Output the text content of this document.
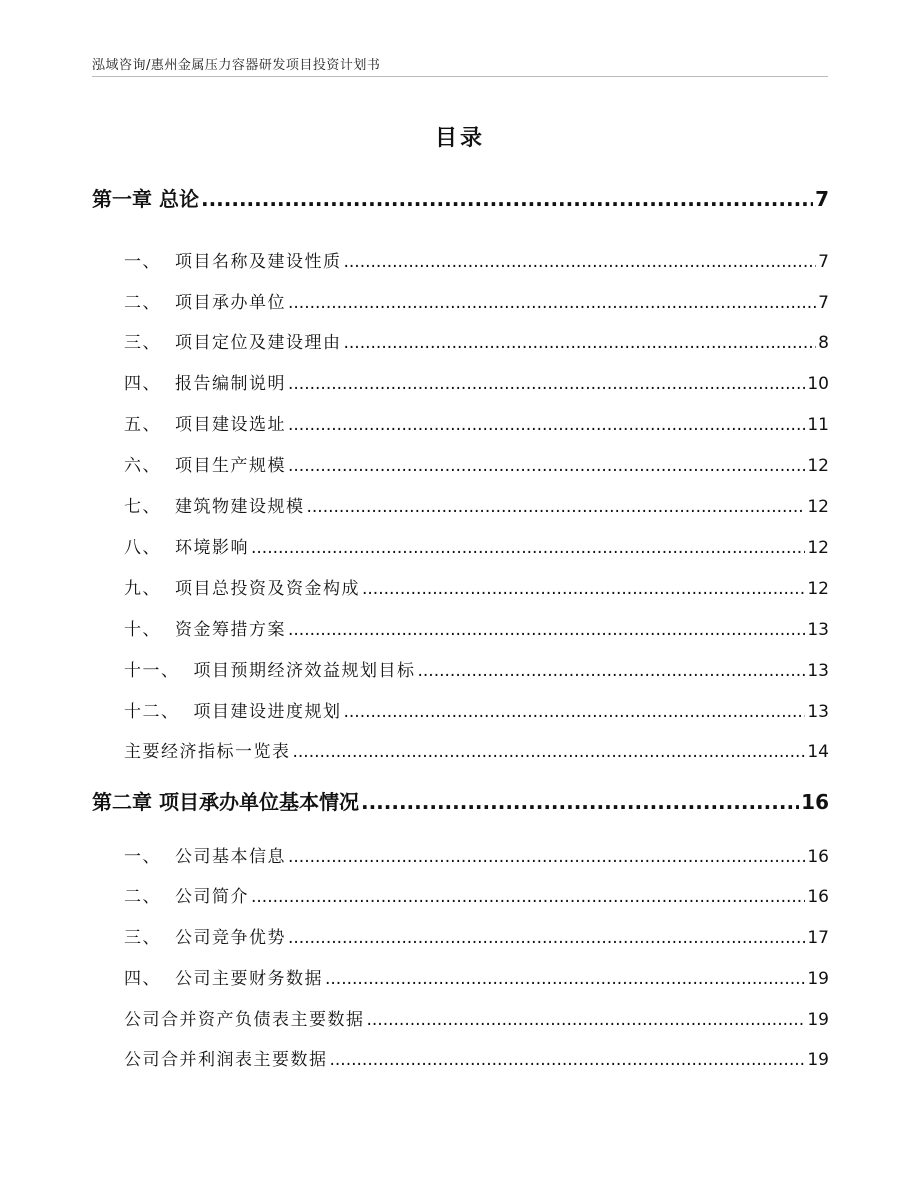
泓域咨询/惠州金属压力容器研发项目投资计划书
目录
第一章 总论 .....	7
一、 项目名称及建设性质 .....	7
二、 项目承办单位 .....	7
三、 项目定位及建设理由 .....	8
四、 报告编制说明 .....	10
五、 项目建设选址 .....	11
六、 项目生产规模 .....	12
七、 建筑物建设规模 .....	12
八、 环境影响 .....	12
九、 项目总投资及资金构成 .....	12
十、 资金筹措方案 .....	13
十一、 项目预期经济效益规划目标 .....	13
十二、 项目建设进度规划 .....	13
主要经济指标一览表 .....	14
第二章 项目承办单位基本情况 .....	16
一、 公司基本信息 .....	16
二、 公司简介 .....	16
三、 公司竞争优势 .....	17
四、 公司主要财务数据 .....	19
公司合并资产负债表主要数据 .....	19
公司合并利润表主要数据 .....	19
